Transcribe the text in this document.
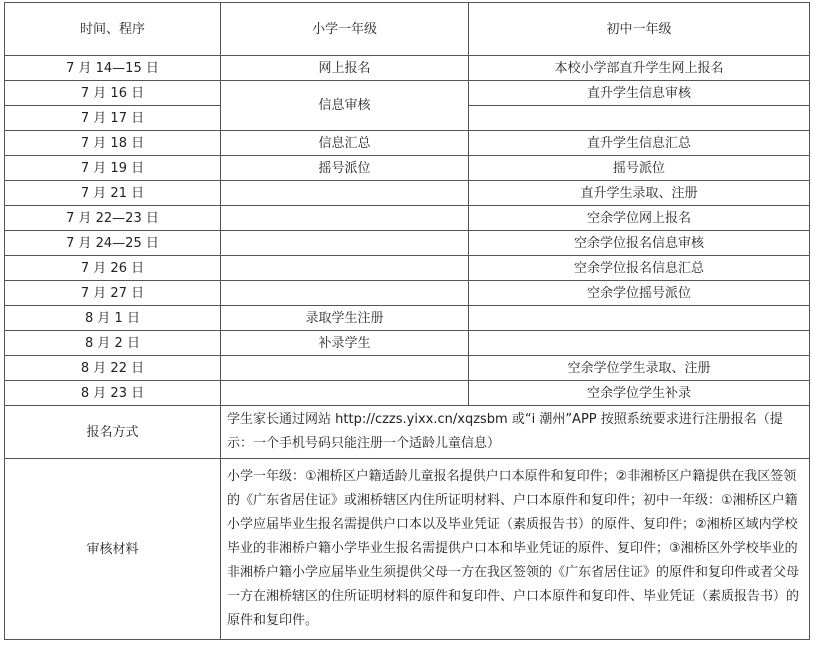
时间、程序	小学一年级	初中一年级
7 月 14—15 日	网上报名	本校小学部直升学生网上报名
7 月 16 日	信息审核	直升学生信息审核
7 月 17 日		
7 月 18 日	信息汇总	直升学生信息汇总
7 月 19 日	摇号派位	摇号派位
7 月 21 日		直升学生录取、注册
7 月 22—23 日		空余学位网上报名
7 月 24—25 日		空余学位报名信息审核
7 月 26 日		空余学位报名信息汇总
7 月 27 日		空余学位摇号派位
8 月 1 日	录取学生注册	
8 月 2 日	补录学生	
8 月 22 日		空余学位学生录取、注册
8 月 23 日		空余学位学生补录
报名方式	学生家长通过网站 http://czzs.yixx.cn/xqzsbm 或“i 潮州”APP 按照系统要求进行注册报名（提示：一个手机号码只能注册一个适龄儿童信息）	
审核材料	小学一年级：①湘桥区户籍适龄儿童报名提供户口本原件和复印件；②非湘桥区户籍提供在我区签领的《广东省居住证》或湘桥辖区内住所证明材料、户口本原件和复印件；初中一年级：①湘桥区户籍小学应届毕业生报名需提供户口本以及毕业凭证（素质报告书）的原件、复印件；②湘桥区域内学校毕业的非湘桥户籍小学毕业生报名需提供户口本和毕业凭证的原件、复印件；③湘桥区外学校毕业的非湘桥户籍小学应届毕业生须提供父母一方在我区签领的《广东省居住证》的原件和复印件或者父母一方在湘桥辖区的住所证明材料的原件和复印件、户口本原件和复印件、毕业凭证（素质报告书）的原件和复印件。	
